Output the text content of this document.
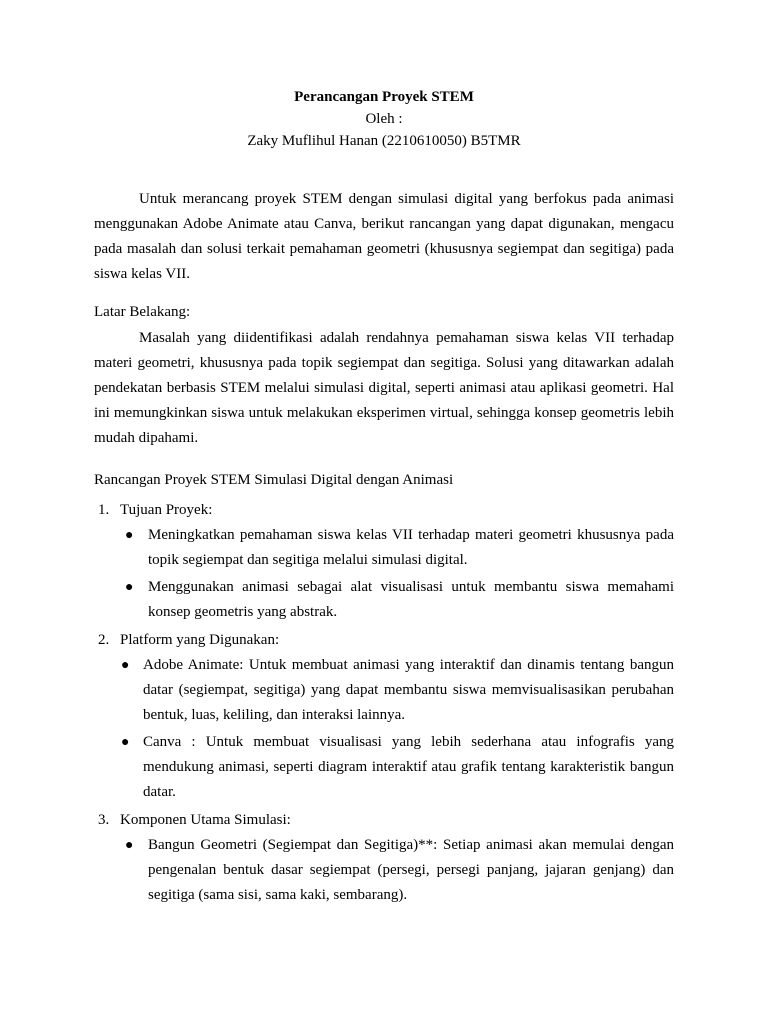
Perancangan Proyek STEM

Oleh :

Zaky Muflihul Hanan (2210610050) B5TMR

Untuk merancang proyek STEM dengan simulasi digital yang berfokus pada animasi menggunakan Adobe Animate atau Canva, berikut rancangan yang dapat digunakan, mengacu pada masalah dan solusi terkait pemahaman geometri (khususnya segiempat dan segitiga) pada siswa kelas VII.

Latar Belakang:

Masalah yang diidentifikasi adalah rendahnya pemahaman siswa kelas VII terhadap materi geometri, khususnya pada topik segiempat dan segitiga. Solusi yang ditawarkan adalah pendekatan berbasis STEM melalui simulasi digital, seperti animasi atau aplikasi geometri. Hal ini memungkinkan siswa untuk melakukan eksperimen virtual, sehingga konsep geometris lebih mudah dipahami.

Rancangan Proyek STEM Simulasi Digital dengan Animasi

1. Tujuan Proyek:
● Meningkatkan pemahaman siswa kelas VII terhadap materi geometri khususnya pada topik segiempat dan segitiga melalui simulasi digital.
● Menggunakan animasi sebagai alat visualisasi untuk membantu siswa memahami konsep geometris yang abstrak.
2. Platform yang Digunakan:
● Adobe Animate: Untuk membuat animasi yang interaktif dan dinamis tentang bangun datar (segiempat, segitiga) yang dapat membantu siswa memvisualisasikan perubahan bentuk, luas, keliling, dan interaksi lainnya.
● Canva : Untuk membuat visualisasi yang lebih sederhana atau infografis yang mendukung animasi, seperti diagram interaktif atau grafik tentang karakteristik bangun datar.
3. Komponen Utama Simulasi:
● Bangun Geometri (Segiempat dan Segitiga)**: Setiap animasi akan memulai dengan pengenalan bentuk dasar segiempat (persegi, persegi panjang, jajaran genjang) dan segitiga (sama sisi, sama kaki, sembarang).
